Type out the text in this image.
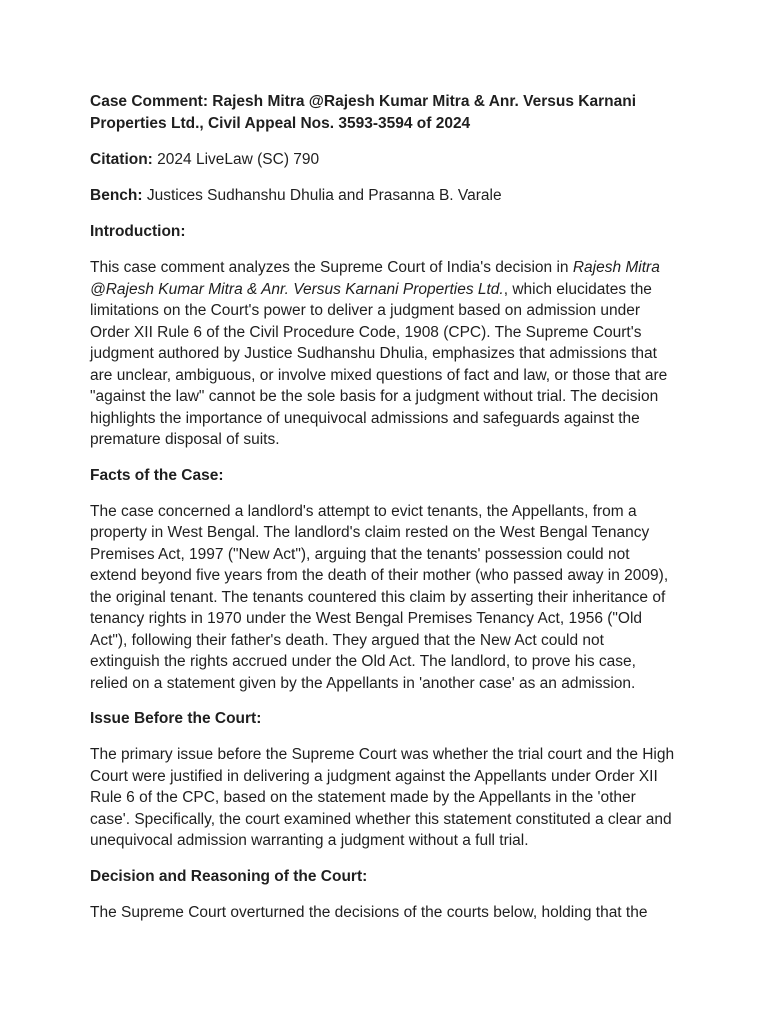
Case Comment: Rajesh Mitra @Rajesh Kumar Mitra & Anr. Versus Karnani Properties Ltd., Civil Appeal Nos. 3593-3594 of 2024

Citation: 2024 LiveLaw (SC) 790

Bench: Justices Sudhanshu Dhulia and Prasanna B. Varale

Introduction:

This case comment analyzes the Supreme Court of India's decision in Rajesh Mitra @Rajesh Kumar Mitra & Anr. Versus Karnani Properties Ltd., which elucidates the limitations on the Court's power to deliver a judgment based on admission under Order XII Rule 6 of the Civil Procedure Code, 1908 (CPC). The Supreme Court's judgment authored by Justice Sudhanshu Dhulia, emphasizes that admissions that are unclear, ambiguous, or involve mixed questions of fact and law, or those that are "against the law" cannot be the sole basis for a judgment without trial. The decision highlights the importance of unequivocal admissions and safeguards against the premature disposal of suits.

Facts of the Case:

The case concerned a landlord's attempt to evict tenants, the Appellants, from a property in West Bengal. The landlord's claim rested on the West Bengal Tenancy Premises Act, 1997 ("New Act"), arguing that the tenants' possession could not extend beyond five years from the death of their mother (who passed away in 2009), the original tenant. The tenants countered this claim by asserting their inheritance of tenancy rights in 1970 under the West Bengal Premises Tenancy Act, 1956 ("Old Act"), following their father's death. They argued that the New Act could not extinguish the rights accrued under the Old Act. The landlord, to prove his case, relied on a statement given by the Appellants in 'another case' as an admission.

Issue Before the Court:

The primary issue before the Supreme Court was whether the trial court and the High Court were justified in delivering a judgment against the Appellants under Order XII Rule 6 of the CPC, based on the statement made by the Appellants in the 'other case'. Specifically, the court examined whether this statement constituted a clear and unequivocal admission warranting a judgment without a full trial.

Decision and Reasoning of the Court:

The Supreme Court overturned the decisions of the courts below, holding that the
